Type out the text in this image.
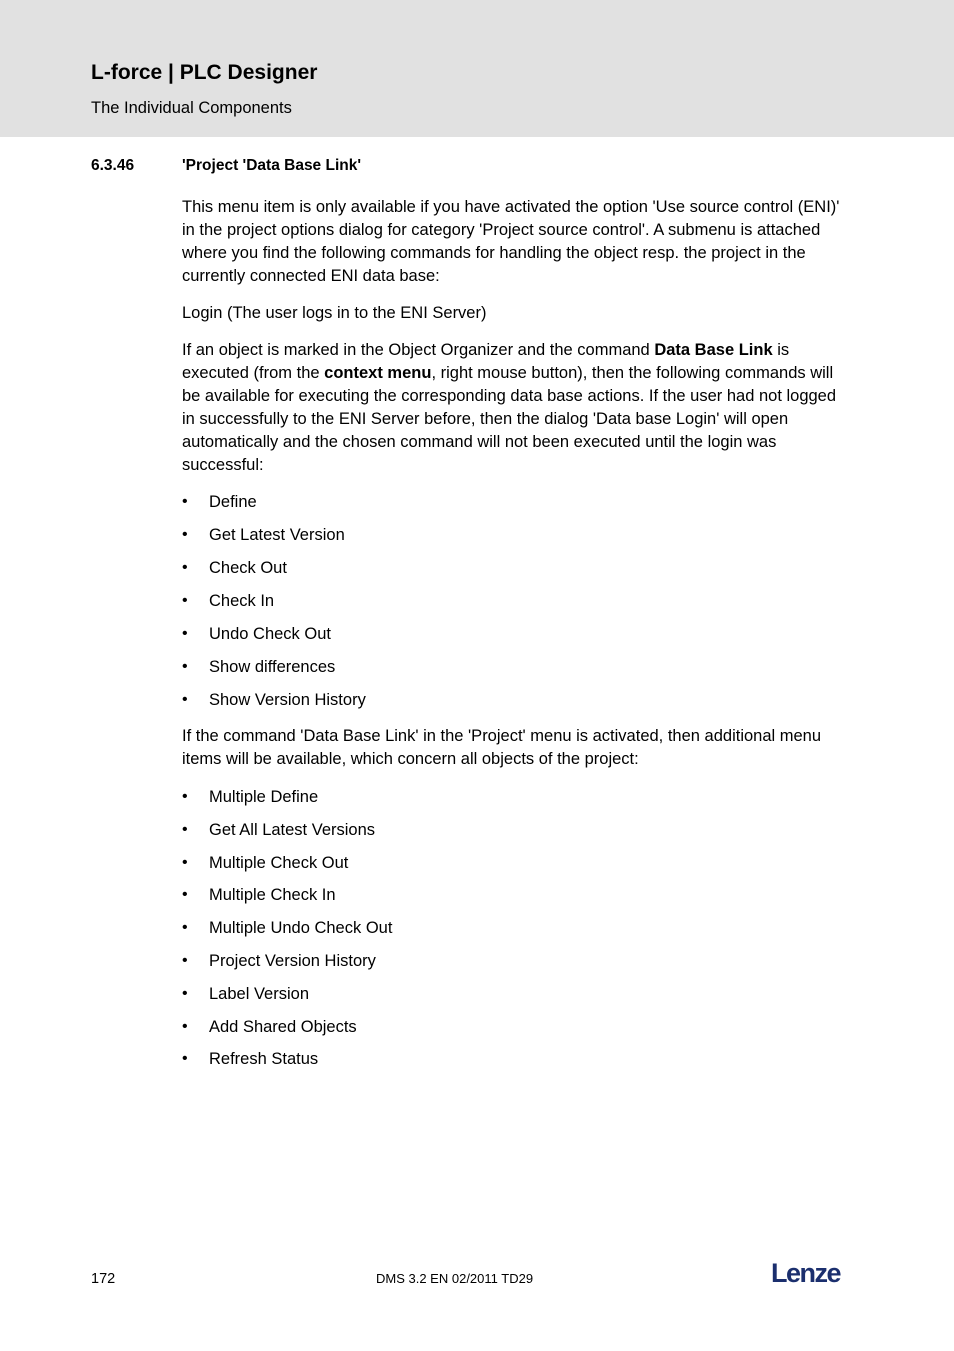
L-force | PLC Designer
The Individual Components
6.3.46	'Project 'Data Base Link'

This menu item is only available if you have activated the option 'Use source control (ENI)' in the project options dialog for category 'Project source control'. A submenu is attached where you find the following commands for handling the object resp. the project in the currently connected ENI data base:

Login (The user logs in to the ENI Server)

If an object is marked in the Object Organizer and the command Data Base Link is executed (from the context menu, right mouse button), then the following commands will be available for executing the corresponding data base actions. If the user had not logged in successfully to the ENI Server before, then the dialog 'Data base Login' will open automatically and the chosen command will not been executed until the login was successful:

• Define
• Get Latest Version
• Check Out
• Check In
• Undo Check Out
• Show differences
• Show Version History

If the command 'Data Base Link' in the 'Project' menu is activated, then additional menu items will be available, which concern all objects of the project:

• Multiple Define
• Get All Latest Versions
• Multiple Check Out
• Multiple Check In
• Multiple Undo Check Out
• Project Version History
• Label Version
• Add Shared Objects
• Refresh Status
172	DMS 3.2 EN 02/2011 TD29	Lenze
